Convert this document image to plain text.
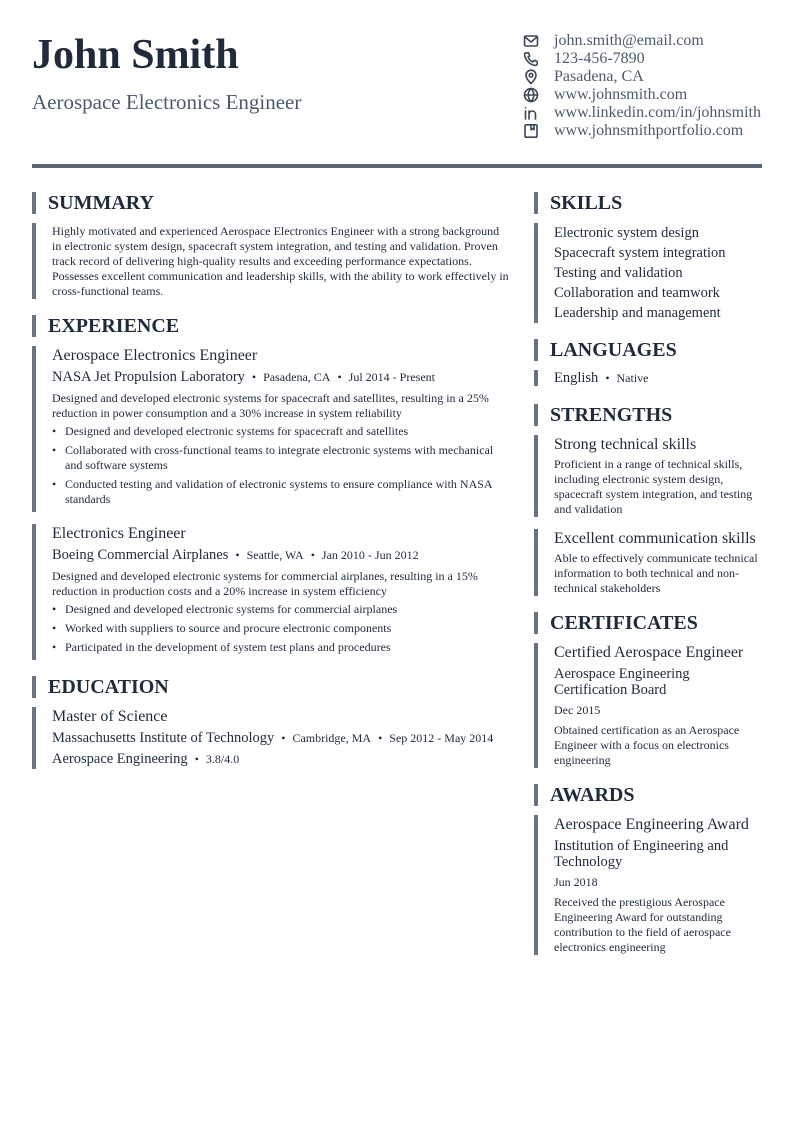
John Smith
Aerospace Electronics Engineer
john.smith@email.com
123-456-7890
Pasadena, CA
www.johnsmith.com
www.linkedin.com/in/johnsmith
www.johnsmithportfolio.com
SUMMARY
Highly motivated and experienced Aerospace Electronics Engineer with a strong background in electronic system design, spacecraft system integration, and testing and validation. Proven track record of delivering high-quality results and exceeding performance expectations. Possesses excellent communication and leadership skills, with the ability to work effectively in cross-functional teams.
EXPERIENCE
Aerospace Electronics Engineer
NASA Jet Propulsion Laboratory • Pasadena, CA • Jul 2014 - Present
Designed and developed electronic systems for spacecraft and satellites, resulting in a 25% reduction in power consumption and a 30% increase in system reliability
• Designed and developed electronic systems for spacecraft and satellites
• Collaborated with cross-functional teams to integrate electronic systems with mechanical and software systems
• Conducted testing and validation of electronic systems to ensure compliance with NASA standards
Electronics Engineer
Boeing Commercial Airplanes • Seattle, WA • Jan 2010 - Jun 2012
Designed and developed electronic systems for commercial airplanes, resulting in a 15% reduction in production costs and a 20% increase in system efficiency
• Designed and developed electronic systems for commercial airplanes
• Worked with suppliers to source and procure electronic components
• Participated in the development of system test plans and procedures
EDUCATION
Master of Science
Massachusetts Institute of Technology • Cambridge, MA • Sep 2012 - May 2014
Aerospace Engineering • 3.8/4.0
SKILLS
Electronic system design
Spacecraft system integration
Testing and validation
Collaboration and teamwork
Leadership and management
LANGUAGES
English • Native
STRENGTHS
Strong technical skills
Proficient in a range of technical skills, including electronic system design, spacecraft system integration, and testing and validation
Excellent communication skills
Able to effectively communicate technical information to both technical and non-technical stakeholders
CERTIFICATES
Certified Aerospace Engineer
Aerospace Engineering Certification Board
Dec 2015
Obtained certification as an Aerospace Engineer with a focus on electronics engineering
AWARDS
Aerospace Engineering Award
Institution of Engineering and Technology
Jun 2018
Received the prestigious Aerospace Engineering Award for outstanding contribution to the field of aerospace electronics engineering
